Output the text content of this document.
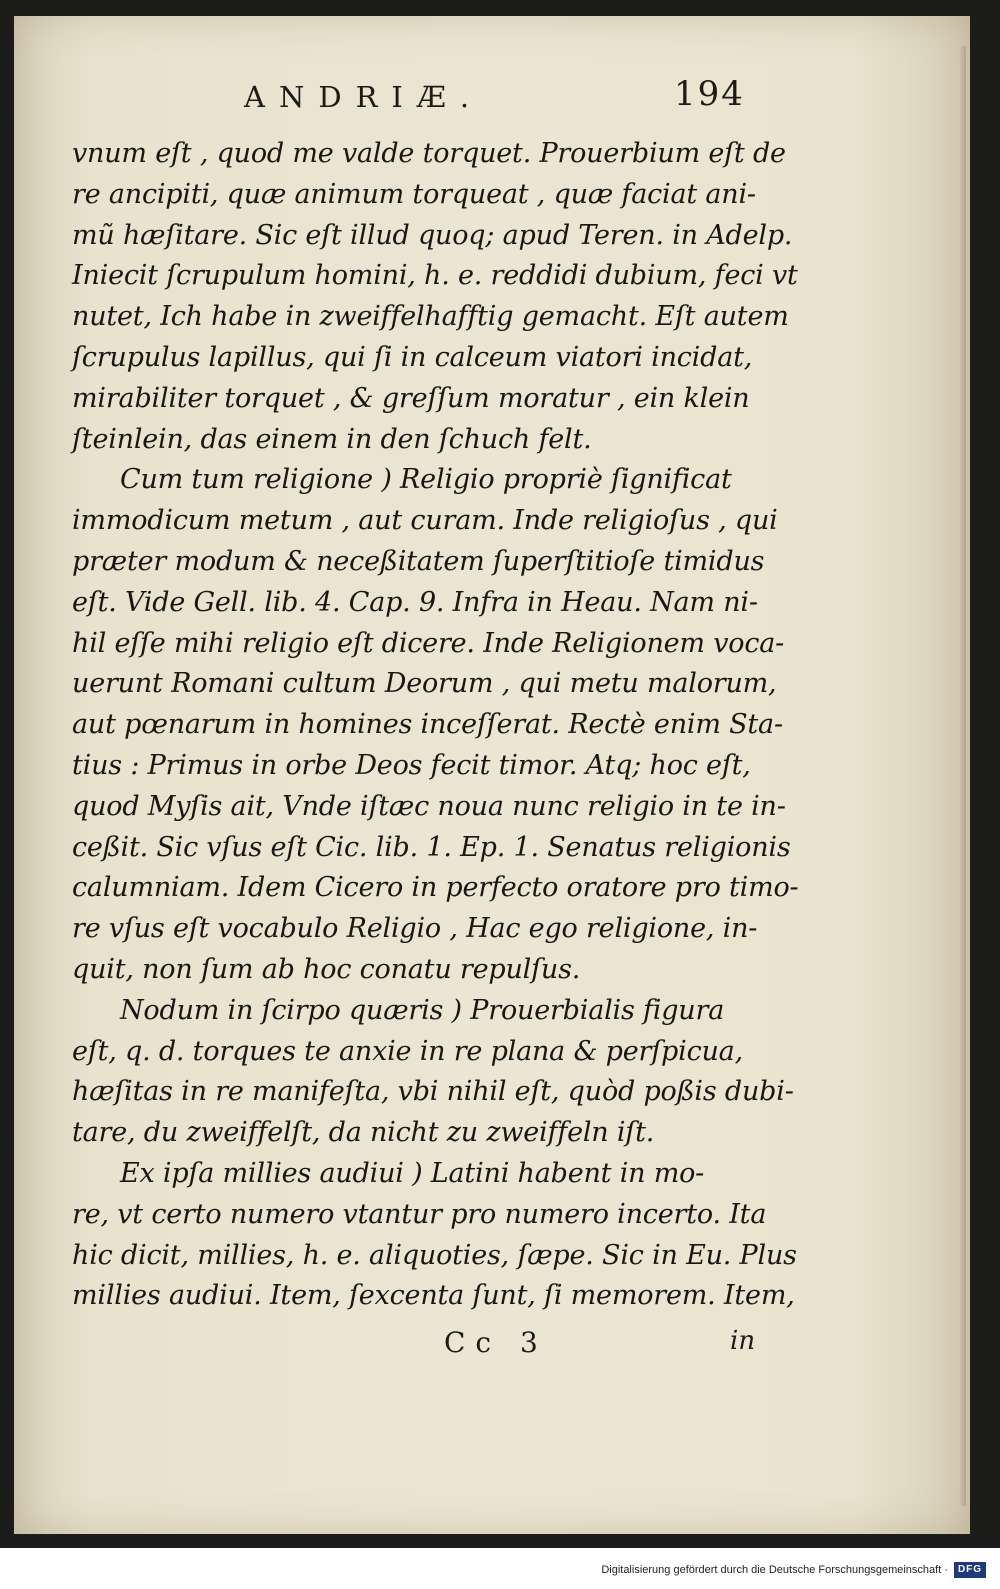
ANDRIÆ.	194
vnum eſt , quod me valde torquet. Prouerbium eſt de
re ancipiti, quæ animum torqueat , quæ faciat ani-
mũ hæſitare. Sic eſt illud quoq; apud Teren. in Adelp.
Iniecit ſcrupulum homini, h. e. reddidi dubium, feci vt
nutet, Ich habe in zweiffelhafftig gemacht. Eſt autem
ſcrupulus lapillus, qui ſi in calceum viatori incidat,
mirabiliter torquet , & greſſum moratur , ein klein
ſteinlein, das einem in den ſchuch felt.
Cum tum religione ) Religio propriè ſignificat
immodicum metum , aut curam. Inde religioſus , qui
præter modum & neceßitatem ſuperſtitioſe timidus
eſt. Vide Gell. lib. 4. Cap. 9. Infra in Heau. Nam ni-
hil eſſe mihi religio eſt dicere. Inde Religionem voca-
uerunt Romani cultum Deorum , qui metu malorum,
aut pœnarum in homines inceſſerat. Rectè enim Sta-
tius : Primus in orbe Deos fecit timor. Atq; hoc eſt,
quod Myſis ait, Vnde iſtæc noua nunc religio in te in-
ceßit. Sic vſus eſt Cic. lib. 1. Ep. 1. Senatus religionis
calumniam. Idem Cicero in perfecto oratore pro timo-
re vſus eſt vocabulo Religio , Hac ego religione, in-
quit, non ſum ab hoc conatu repulſus.
Nodum in ſcirpo quæris ) Prouerbialis figura
eſt, q. d. torques te anxie in re plana & perſpicua,
hæſitas in re manifeſta, vbi nihil eſt, quòd poßis dubi-
tare, du zweiffelſt, da nicht zu zweiffeln iſt.
Ex ipſa millies audiui ) Latini habent in mo-
re, vt certo numero vtantur pro numero incerto. Ita
hic dicit, millies, h. e. aliquoties, ſæpe. Sic in Eu. Plus
millies audiui. Item, ſexcenta ſunt, ſi memorem. Item,
Cc 3	in
Digitalisierung gefördert durch die Deutsche Forschungsgemeinschaft · DFG
